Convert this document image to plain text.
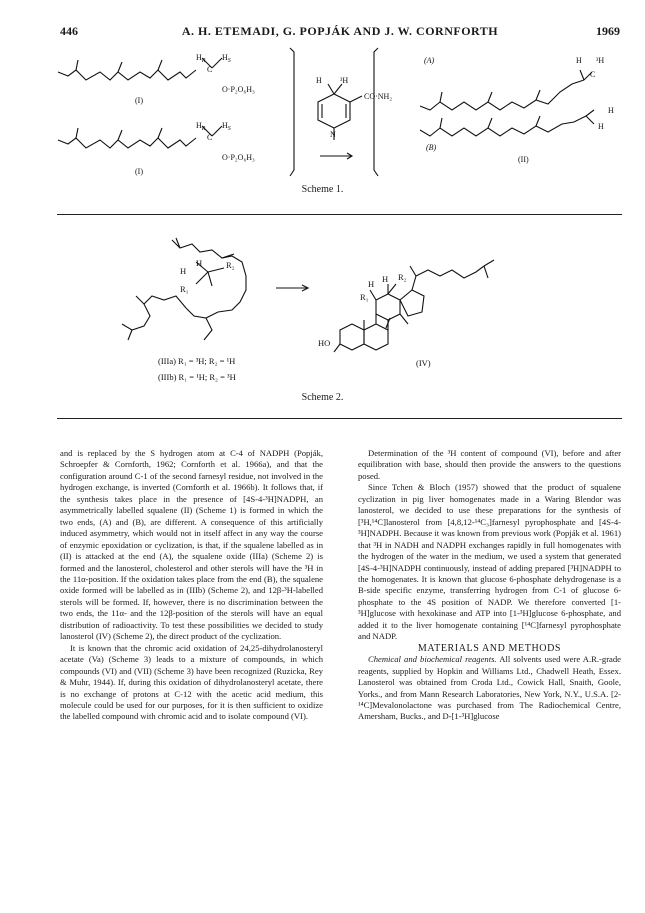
446	A. H. ETEMADI, G. POPJÁK AND J. W. CORNFORTH	1969
$H_R$ $H_S$
C
O·P₂O₆H₃
(I)
$H_R$ $H_S$
C
O·P₂O₆H₃
(I)
H ³H
CO·NH₂
N
(A)	H ³H
C
H
H
(B)
(II)
Scheme 1.
H
H	R₂
R₁	H H R₂
R₁
HO
(IIIa) R₁ = ³H; R₂ = ¹H
(IIIb) R₁ = ¹H; R₂ = ³H
(IV)
Scheme 2.

and is replaced by the S hydrogen atom at C-4 of NADPH (Popják, Schroepfer & Cornforth, 1962; Cornforth et al. 1966a), and that the configuration around C-1 of the second farnesyl residue, not involved in the hydrogen exchange, is inverted (Cornforth et al. 1966b). It follows that, if the synthesis takes place in the presence of [4S-4-³H]NADPH, an asymmetrically labelled squalene (II) (Scheme 1) is formed in which the two ends, (A) and (B), are different. A consequence of this artificially induced asymmetry, which would not in itself affect in any way the course of enzymic epoxidation or cyclization, is that, if the squalene labelled as in (II) is attacked at the end (A), the squalene oxide (IIIa) (Scheme 2) is formed and the lanosterol, cholesterol and other sterols will have the ³H in the 11α-position. If the oxidation takes place from the end (B), the squalene oxide formed will be labelled as in (IIIb) (Scheme 2), and 12β-³H-labelled sterols will be formed. If, however, there is no discrimination between the two ends, the 11α- and the 12β-position of the sterols will have an equal distribution of radioactivity. To test these possibilities we decided to study lanosterol (IV) (Scheme 2), the direct product of the cyclization.

It is known that the chromic acid oxidation of 24,25-dihydrolanosteryl acetate (Va) (Scheme 3) leads to a mixture of compounds, in which compounds (VI) and (VII) (Scheme 3) have been recognized (Ruzicka, Rey & Muhr, 1944). If, during this oxidation of dihydrolanosteryl acetate, there is no exchange of protons at C-12 with the acetic acid medium, this molecule could be used for our purposes, for it is then sufficient to oxidize the labelled compound with chromic acid and to isolate compound (VI).

Determination of the ³H content of compound (VI), before and after equilibration with base, should then provide the answers to the questions posed.

Since Tchen & Bloch (1957) showed that the product of squalene cyclization in pig liver homogenates made in a Waring Blendor was lanosterol, we decided to use these preparations for the synthesis of [³H,¹⁴C]lanosterol from [4,8,12-¹⁴C₃]farnesyl pyrophosphate and [4S-4-³H]NADPH. Because it was known from previous work (Popják et al. 1961) that ³H in NADH and NADPH exchanges rapidly in full homogenates with the hydrogen of the water in the medium, we used a system that generated [4S-4-³H]NADPH continuously, instead of adding prepared [³H]NADPH to the homogenates. It is known that glucose 6-phosphate dehydrogenase is a B-side specific enzyme, transferring hydrogen from C-1 of glucose 6-phosphate to the 4S position of NADP. We therefore converted [1-³H]glucose with hexokinase and ATP into [1-³H]glucose 6-phosphate, and added it to the liver homogenate containing [¹⁴C]farnesyl pyrophosphate and NADP.

MATERIALS AND METHODS

Chemical and biochemical reagents. All solvents used were A.R.-grade reagents, supplied by Hopkin and Williams Ltd., Chadwell Heath, Essex. Lanosterol was obtained from Croda Ltd., Cowick Hall, Snaith, Goole, Yorks., and from Mann Research Laboratories, New York, N.Y., U.S.A. [2-¹⁴C]Mevalonolactone was purchased from The Radiochemical Centre, Amersham, Bucks., and D-[1-³H]glucose
